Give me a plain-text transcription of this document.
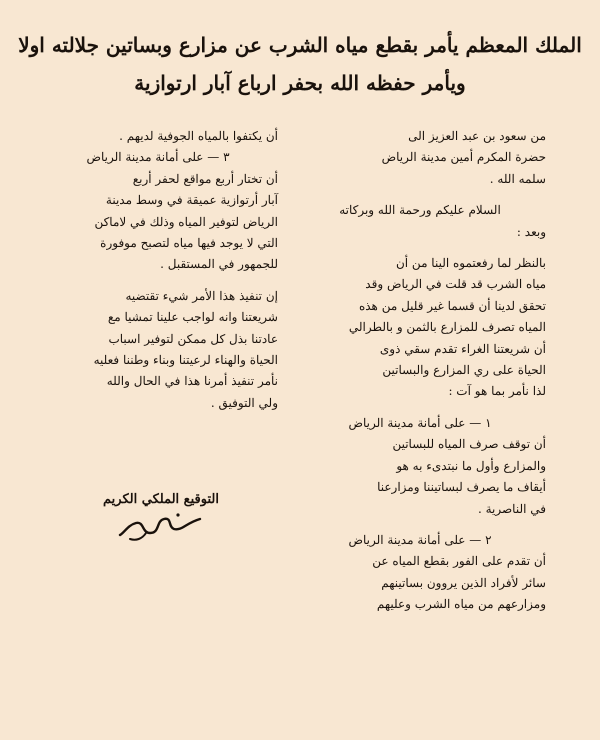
الملك المعظم يأمر بقطع مياه الشرب عن مزارع وبساتين جلالته اولا
ويأمر حفظه الله بحفر ارباع آبار ارتوازية

من سعود بن عبد العزيز الى

حضرة المكرم أمين مدينة الرياض

سلمه الله .

السلام عليكم ورحمة الله وبركاته

وبعد :

بالنظر لما رفعتموه الينا من أن

مياه الشرب قد قلت في الرياض وقد

تحقق لدينا أن قسما غير قليل من هذه

المياه تصرف للمزارع بالثمن و بالطرالي

أن شريعتنا الغراء تقدم سقي ذوى

الحياة على ري المزارع والبساتين

لذا نأمر بما هو آت :

١ — على أمانة مدينة الرياض

أن توقف صرف المياه للبساتين

والمزارع وأول ما نبتدىء به هو

أيقاف ما يصرف لبساتيننا ومزارعنا

في الناصرية .

٢ — على أمانة مدينة الرياض

أن تقدم على الفور بقطع المياه عن

سائر لأفراد الذين يروون بساتينهم

ومزارعهم من مياه الشرب وعليهم

أن يكتفوا بالمياه الجوفية لديهم .

٣ — على أمانة مدينة الرياض

أن تختار أربع مواقع لحفر أربع

آبار أرتوازية عميقة في وسط مدينة

الرياض لتوفير المياه وذلك في لاماكن

التي لا يوجد فيها مياه لتصبح موفورة

للجمهور في المستقبل .

إن تنفيذ هذا الأمر شيء تقتضيه

شريعتنا وانه لواجب علينا تمشيا مع

عادتنا بذل كل ممكن لتوفير اسباب

الحياة والهناء لرعيتنا وبناء وطننا فعليه

نأمر تنفيذ أمرنا هذا في الحال والله

ولي التوفيق .

التوقيع الملكي الكريم
